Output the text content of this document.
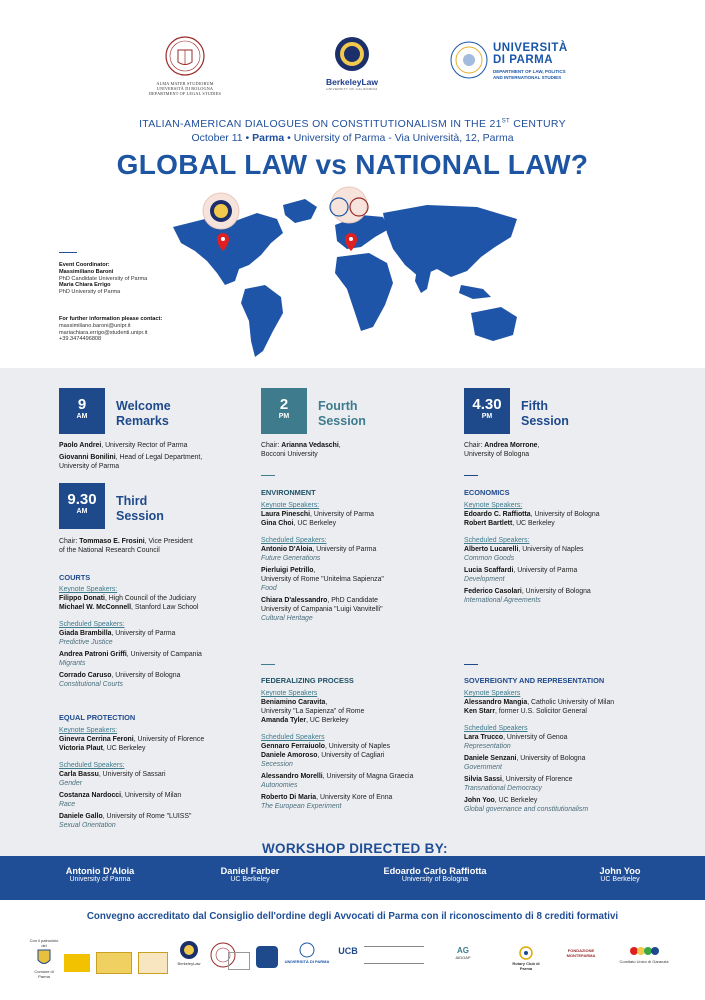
ALMA MATER STUDIORUM
UNIVERSITÀ DI BOLOGNA
DEPARTMENT OF LEGAL STUDIES
BerkeleyLaw
UNIVERSITY OF CALIFORNIA
UNIVERSITÀ
DI PARMA
DEPARTMENT OF LAW, POLITICS
AND INTERNATIONAL STUDIES
ITALIAN-AMERICAN DIALOGUES ON CONSTITUTIONALISM IN THE 21ST CENTURY
October 11 • Parma • University of Parma - Via Università, 12, Parma
GLOBAL LAW vs NATIONAL LAW?
Event Coordinator:
Massimiliano Baroni
PhD Candidate University of Parma
Maria Chiara Errigo
PhD University of Parma
For further information please contact:
massimiliano.baroni@unipr.it
mariachiara.errigo@studenti.unipr.it
+39.3474496808
9
AM
Welcome
Remarks
Paolo Andrei, University Rector of Parma
Giovanni Bonilini, Head of Legal Department,
University of Parma
9.30
AM
Third
Session
Chair: Tommaso E. Frosini, Vice President
of the National Research Council
COURTS
Keynote Speakers:
Filippo Donati, High Council of the Judiciary
Michael W. McConnell, Stanford Law School
Scheduled Speakers:
Giada Brambilla, University of Parma
Predictive Justice
Andrea Patroni Griffi, University of Campania
Migrants
Corrado Caruso, University of Bologna
Constitutional Courts
EQUAL PROTECTION
Keynote Speakers:
Ginevra Cerrina Feroni, University of Florence
Victoria Plaut, UC Berkeley
Scheduled Speakers:
Carla Bassu, University of Sassari
Gender
Costanza Nardocci, University of Milan
Race
Daniele Gallo, University of Rome "LUISS"
Sexual Orientation
2
PM
Fourth
Session
Chair: Arianna Vedaschi,
Bocconi University
ENVIRONMENT
Keynote Speakers:
Laura Pineschi, University of Parma
Gina Choi, UC Berkeley
Scheduled Speakers:
Antonio D'Aloia, University of Parma
Future Generations
Pierluigi Petrillo,
University of Rome "Unitelma Sapienza"
Food
Chiara D'alessandro, PhD Candidate
University of Campania "Luigi Vanvitelli"
Cultural Heritage
FEDERALIZING PROCESS
Keynote Speakers
Beniamino Caravita,
University "La Sapienza" of Rome
Amanda Tyler, UC Berkeley
Scheduled Speakers
Gennaro Ferraiuolo, University of Naples
Daniele Amoroso, University of Cagliari
Secession
Alessandro Morelli, University of Magna Graecia
Autonomies
Roberto Di Maria, University Kore of Enna
The European Experiment
4.30
PM
Fifth
Session
Chair: Andrea Morrone,
University of Bologna
ECONOMICS
Keynote Speakers:
Edoardo C. Raffiotta, University of Bologna
Robert Bartlett, UC Berkeley
Scheduled Speakers:
Alberto Lucarelli, University of Naples
Common Goods
Lucia Scaffardi, University of Parma
Development
Federico Casolari, University of Bologna
International Agreements
SOVEREIGNTY AND REPRESENTATION
Keynote Speakers
Alessandro Mangia, Catholic University of Milan
Ken Starr, former U.S. Solicitor General
Scheduled Speakers
Lara Trucco, University of Genoa
Representation
Daniele Senzani, University of Bologna
Government
Silvia Sassi, University of Florence
Transnational Democracy
John Yoo, UC Berkeley
Global governance and constitutionalism
WORKSHOP DIRECTED BY:
Antonio D'Aloia
University of Parma
Daniel Farber
UC Berkeley
Edoardo Carlo Raffiotta
University of Bologna
John Yoo
UC Berkeley
Convegno accreditato dal Consiglio dell'ordine degli Avvocati di Parma con il riconoscimento di 8 crediti formativi
Con il patrocinio del
Comune di Parma
BerkeleyLaw	UNIVERSITÀ DI PARMA
UCB	AG
AIDOAP
Rotary Club di Parma
FONDAZIONE MONTEPARMA
Comitato Unico di Garanzia
